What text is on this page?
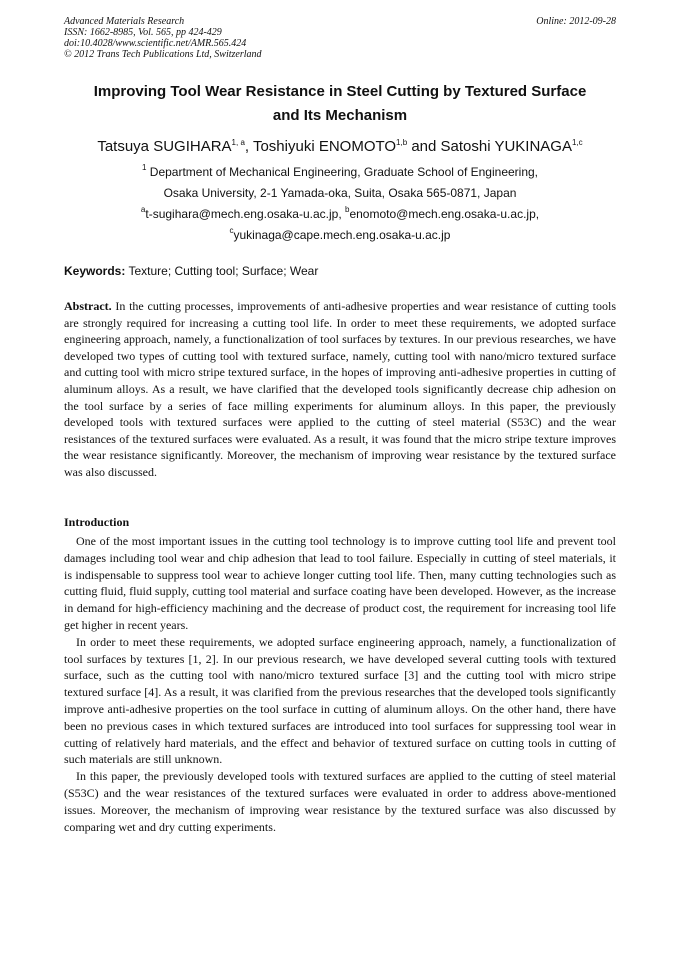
Advanced Materials Research
ISSN: 1662-8985, Vol. 565, pp 424-429
doi:10.4028/www.scientific.net/AMR.565.424
© 2012 Trans Tech Publications Ltd, Switzerland
Online: 2012-09-28
Improving Tool Wear Resistance in Steel Cutting by Textured Surface
and Its Mechanism
Tatsuya SUGIHARA$^{1, a}$, Toshiyuki ENOMOTO$^{1,b}$ and Satoshi YUKINAGA$^{1,c}$
$^1$ Department of Mechanical Engineering, Graduate School of Engineering,
Osaka University, 2-1 Yamada-oka, Suita, Osaka 565-0871, Japan
$^a$t-sugihara@mech.eng.osaka-u.ac.jp, $^b$enomoto@mech.eng.osaka-u.ac.jp,
$^c$yukinaga@cape.mech.eng.osaka-u.ac.jp
Keywords: Texture; Cutting tool; Surface; Wear
Abstract. In the cutting processes, improvements of anti-adhesive properties and wear resistance of cutting tools are strongly required for increasing a cutting tool life. In order to meet these requirements, we adopted surface engineering approach, namely, a functionalization of tool surfaces by textures. In our previous researches, we have developed two types of cutting tool with textured surface, namely, cutting tool with nano/micro textured surface and cutting tool with micro stripe textured surface, in the hopes of improving anti-adhesive properties in cutting of aluminum alloys. As a result, we have clarified that the developed tools significantly decrease chip adhesion on the tool surface by a series of face milling experiments for aluminum alloys. In this paper, the previously developed tools with textured surfaces were applied to the cutting of steel material (S53C) and the wear resistances of the textured surfaces were evaluated. As a result, it was found that the micro stripe texture improves the wear resistance significantly. Moreover, the mechanism of improving wear resistance by the textured surface was also discussed.
Introduction

One of the most important issues in the cutting tool technology is to improve cutting tool life and prevent tool damages including tool wear and chip adhesion that lead to tool failure. Especially in cutting of steel materials, it is indispensable to suppress tool wear to achieve longer cutting tool life. Then, many cutting technologies such as cutting fluid, fluid supply, cutting tool material and surface coating have been developed. However, as the increase in demand for high-efficiency machining and the decrease of product cost, the requirement for increasing tool life get higher in recent years.

In order to meet these requirements, we adopted surface engineering approach, namely, a functionalization of tool surfaces by textures [1, 2]. In our previous research, we have developed several cutting tools with textured surface, such as the cutting tool with nano/micro textured surface [3] and the cutting tool with micro stripe textured surface [4]. As a result, it was clarified from the previous researches that the developed tools significantly improve anti-adhesive properties on the tool surface in cutting of aluminum alloys. On the other hand, there have been no previous cases in which textured surfaces are introduced into tool surfaces for suppressing tool wear in cutting of relatively hard materials, and the effect and behavior of textured surface on cutting tools in cutting of such materials are still unknown.

In this paper, the previously developed tools with textured surfaces are applied to the cutting of steel material (S53C) and the wear resistances of the textured surfaces were evaluated in order to address above-mentioned issues. Moreover, the mechanism of improving wear resistance by the textured surface was also discussed by comparing wet and dry cutting experiments.
